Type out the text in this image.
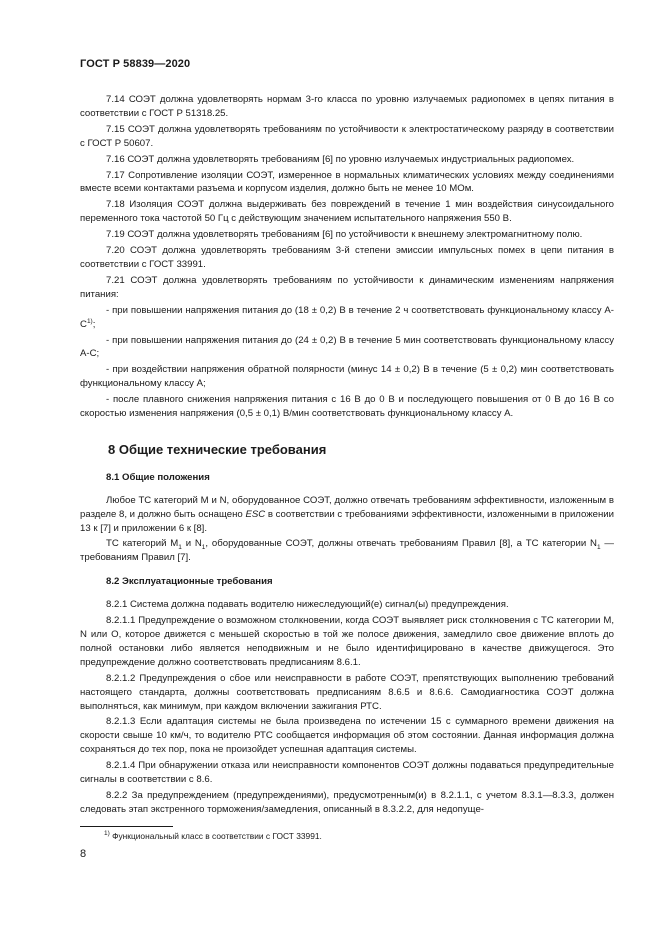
ГОСТ Р 58839—2020

7.14 СОЭТ должна удовлетворять нормам 3-го класса по уровню излучаемых радиопомех в цепях питания в соответствии с ГОСТ Р 51318.25.

7.15 СОЭТ должна удовлетворять требованиям по устойчивости к электростатическому разряду в соответствии с ГОСТ Р 50607.

7.16 СОЭТ должна удовлетворять требованиям [6] по уровню излучаемых индустриальных радиопомех.

7.17 Сопротивление изоляции СОЭТ, измеренное в нормальных климатических условиях между соединениями вместе всеми контактами разъема и корпусом изделия, должно быть не менее 10 МОм.

7.18 Изоляция СОЭТ должна выдерживать без повреждений в течение 1 мин воздействия синусоидального переменного тока частотой 50 Гц с действующим значением испытательного напряжения 550 В.

7.19 СОЭТ должна удовлетворять требованиям [6] по устойчивости к внешнему электромагнитному полю.

7.20 СОЭТ должна удовлетворять требованиям 3-й степени эмиссии импульсных помех в цепи питания в соответствии с ГОСТ 33991.

7.21 СОЭТ должна удовлетворять требованиям по устойчивости к динамическим изменениям напряжения питания:

- при повышении напряжения питания до (18 ± 0,2) В в течение 2 ч соответствовать функциональному классу А-С$^{1)}$;

- при повышении напряжения питания до (24 ± 0,2) В в течение 5 мин соответствовать функциональному классу А-С;

- при воздействии напряжения обратной полярности (минус 14 ± 0,2) В в течение (5 ± 0,2) мин соответствовать функциональному классу А;

- после плавного снижения напряжения питания с 16 В до 0 В и последующего повышения от 0 В до 16 В со скоростью изменения напряжения (0,5 ± 0,1) В/мин соответствовать функциональному классу А.

8 Общие технические требования
8.1 Общие положения

Любое ТС категорий M и N, оборудованное СОЭТ, должно отвечать требованиям эффективности, изложенным в разделе 8, и должно быть оснащено ESC в соответствии с требованиями эффективности, изложенными в приложении 13 к [7] и приложении 6 к [8].

ТС категорий $M_1$ и $N_1$, оборудованные СОЭТ, должны отвечать требованиям Правил [8], а ТС категории $N_1$ — требованиям Правил [7].

8.2 Эксплуатационные требования

8.2.1 Система должна подавать водителю нижеследующий(е) сигнал(ы) предупреждения.

8.2.1.1 Предупреждение о возможном столкновении, когда СОЭТ выявляет риск столкновения с ТС категории M, N или O, которое движется с меньшей скоростью в той же полосе движения, замедлило свое движение вплоть до полной остановки либо является неподвижным и не было идентифицировано в качестве движущегося. Это предупреждение должно соответствовать предписаниям 8.6.1.

8.2.1.2 Предупреждения о сбое или неисправности в работе СОЭТ, препятствующих выполнению требований настоящего стандарта, должны соответствовать предписаниям 8.6.5 и 8.6.6. Самодиагностика СОЭТ должна выполняться, как минимум, при каждом включении зажигания РТС.

8.2.1.3 Если адаптация системы не была произведена по истечении 15 с суммарного времени движения на скорости свыше 10 км/ч, то водителю РТС сообщается информация об этом состоянии. Данная информация должна сохраняться до тех пор, пока не произойдет успешная адаптация системы.

8.2.1.4 При обнаружении отказа или неисправности компонентов СОЭТ должны подаваться предупредительные сигналы в соответствии с 8.6.

8.2.2 За предупреждением (предупреждениями), предусмотренным(и) в 8.2.1.1, с учетом 8.3.1—8.3.3, должен следовать этап экстренного торможения/замедления, описанный в 8.3.2.2, для недопуще-

$^{1)}$ Функциональный класс в соответствии с ГОСТ 33991.
8
